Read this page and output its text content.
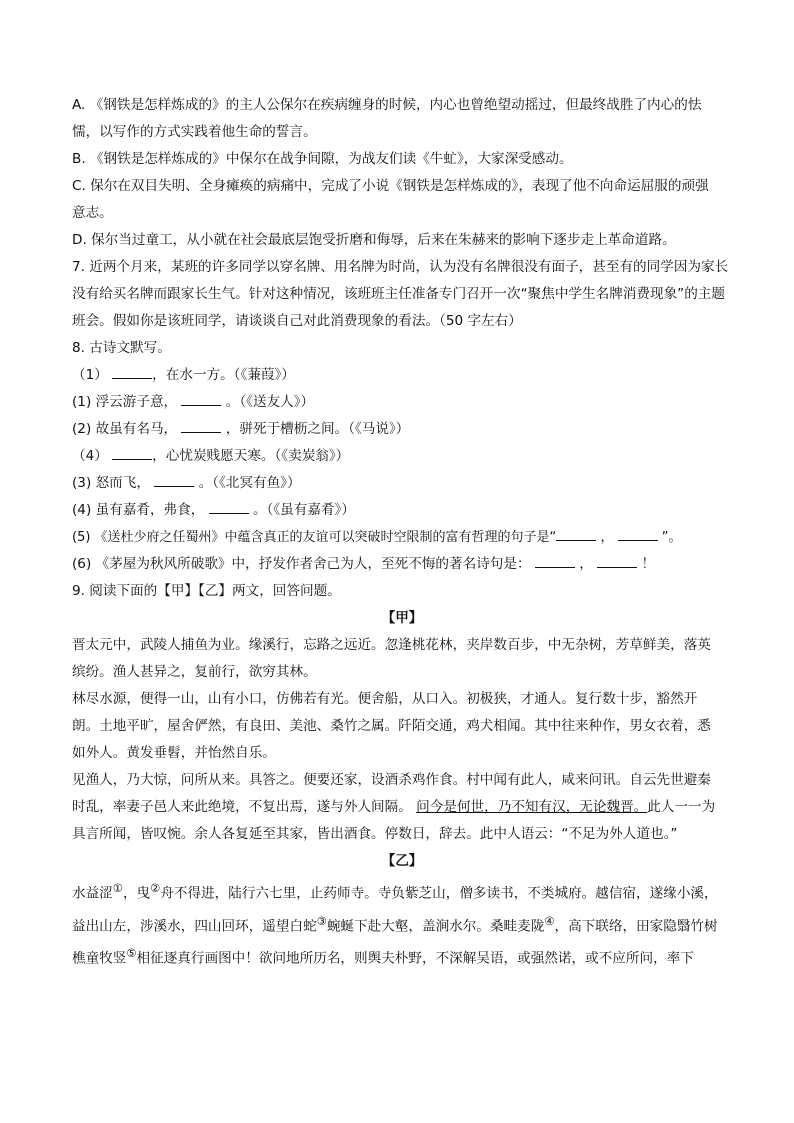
A. 《钢铁是怎样炼成的》的主人公保尔在疾病缠身的时候，内心也曾绝望动摇过，但最终战胜了内心的怯懦，以写作的方式实践着他生命的誓言。
B. 《钢铁是怎样炼成的》中保尔在战争间隙，为战友们读《牛虻》，大家深受感动。
C. 保尔在双目失明、全身瘫痪的病痛中，完成了小说《钢铁是怎样炼成的》，表现了他不向命运屈服的顽强意志。
D. 保尔当过童工，从小就在社会最底层饱受折磨和侮辱，后来在朱赫来的影响下逐步走上革命道路。
7. 近两个月来，某班的许多同学以穿名牌、用名牌为时尚，认为没有名牌很没有面子，甚至有的同学因为家长没有给买名牌而跟家长生气。针对这种情况，该班班主任准备专门召开一次“聚焦中学生名牌消费现象”的主题班会。假如你是该班同学，请谈谈自己对此消费现象的看法。（50 字左右）
8. 古诗文默写。
（1）	，在水一方。（《蒹葭》）
(1) 浮云游子意，	。（《送友人》）
(2) 故虽有名马，	，骈死于槽枥之间。（《马说》）
（4）	，心忧炭贱愿天寒。（《卖炭翁》）
(3) 怒而飞，	。（《北冥有鱼》）
(4) 虽有嘉肴，弗食，	。（《虽有嘉肴》）
(5) 《送杜少府之任蜀州》中蕴含真正的友谊可以突破时空限制的富有哲理的句子是“	，	”。
(6) 《茅屋为秋风所破歌》中，抒发作者舍己为人，至死不悔的著名诗句是：	，	！
9. 阅读下面的【甲】【乙】两文，回答问题。
【甲】
晋太元中，武陵人捕鱼为业。缘溪行，忘路之远近。忽逢桃花林，夹岸数百步，中无杂树，芳草鲜美，落英缤纷。渔人甚异之，复前行，欲穷其林。
林尽水源，便得一山，山有小口，仿佛若有光。便舍船，从口入。初极狭，才通人。复行数十步，豁然开朗。土地平旷，屋舍俨然，有良田、美池、桑竹之属。阡陌交通，鸡犬相闻。其中往来种作，男女衣着，悉如外人。黄发垂髫，并怡然自乐。
见渔人，乃大惊，问所从来。具答之。便要还家，设酒杀鸡作食。村中闻有此人，咸来问讯。自云先世避秦时乱，率妻子邑人来此绝境，不复出焉，遂与外人间隔。 问今是何世，乃不知有汉，无论魏晋。此人一一为具言所闻，皆叹惋。余人各复延至其家，皆出酒食。停数日，辞去。此中人语云：“不足为外人道也。”
【乙】
水益涩①，曳②舟不得进，陆行六七里，止药师寺。寺负紫芝山，僧多读书，不类城府。越信宿，遂缘小溪，益出山左，涉溪水，四山回环，遥望白蛇③蜿蜒下赴大壑，盖涧水尔。桑畦麦陇④，高下联络，田家隐翳竹树樵童牧竖⑤相征逐真行画图中！欲问地所历名，则舆夫朴野，不深解吴语，或强然诺，或不应所问，率下
